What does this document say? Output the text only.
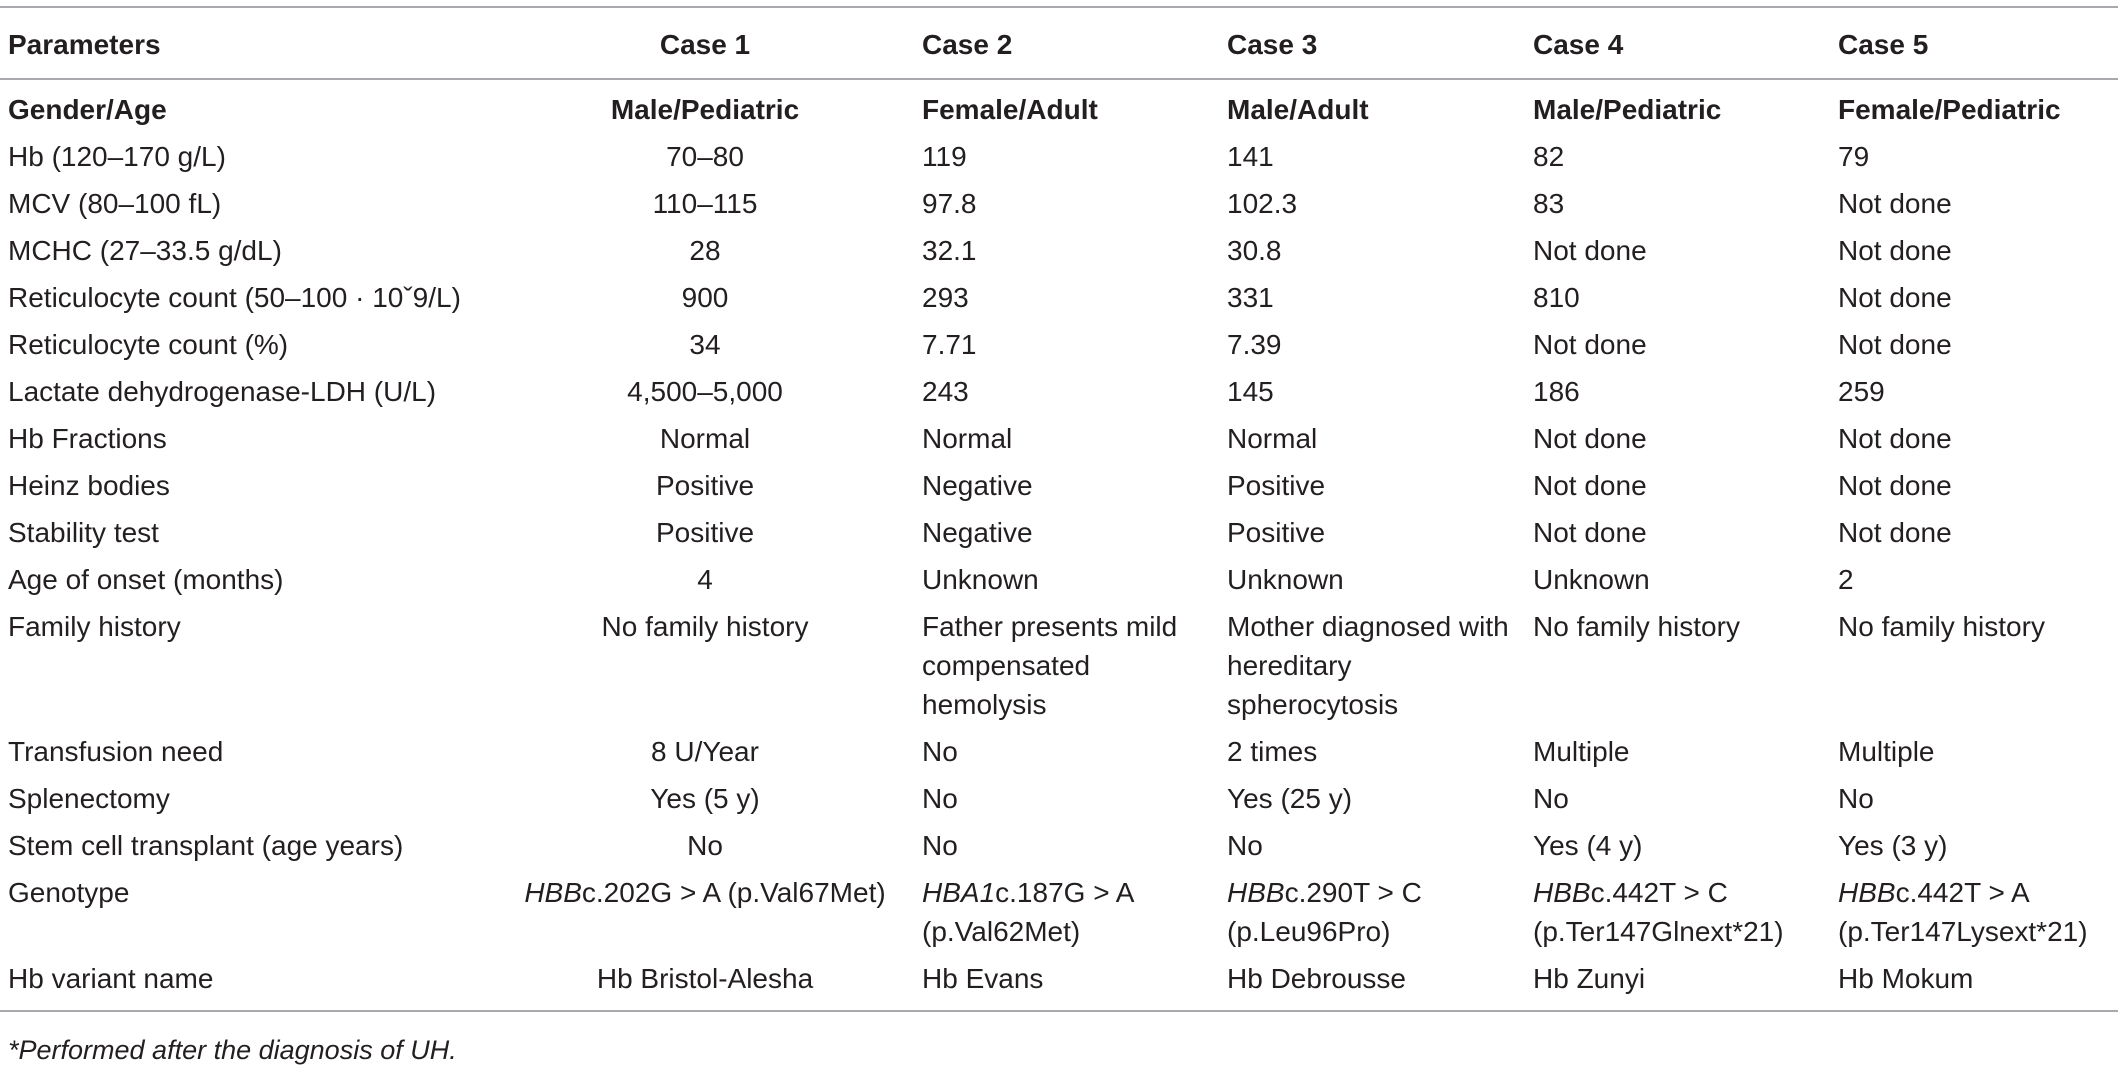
Parameters	Case 1	Case 2	Case 3	Case 4	Case 5
Gender/Age	Male/Pediatric	Female/Adult	Male/Adult	Male/Pediatric	Female/Pediatric
Hb (120–170 g/L)	70–80	119	141	82	79
MCV (80–100 fL)	110–115	97.8	102.3	83	Not done
MCHC (27–33.5 g/dL)	28	32.1	30.8	Not done	Not done
Reticulocyte count (50–100 · 10ˇ9/L)	900	293	331	810	Not done
Reticulocyte count (%)	34	7.71	7.39	Not done	Not done
Lactate dehydrogenase-LDH (U/L)	4,500–5,000	243	145	186	259
Hb Fractions	Normal	Normal	Normal	Not done	Not done
Heinz bodies	Positive	Negative	Positive	Not done	Not done
Stability test	Positive	Negative	Positive	Not done	Not done
Age of onset (months)	4	Unknown	Unknown	Unknown	2
Family history	No family history	Father presents mild compensated hemolysis	Mother diagnosed with hereditary spherocytosis	No family history	No family history
Transfusion need	8 U/Year	No	2 times	Multiple	Multiple
Splenectomy	Yes (5 y)	No	Yes (25 y)	No	No
Stem cell transplant (age years)	No	No	No	Yes (4 y)	Yes (3 y)
Genotype	HBBc.202G > A (p.Val67Met)	HBA1c.187G > A (p.Val62Met)	HBBc.290T > C (p.Leu96Pro)	HBBc.442T > C (p.Ter147Glnext*21)	HBBc.442T > A (p.Ter147Lysext*21)
Hb variant name	Hb Bristol-Alesha	Hb Evans	Hb Debrousse	Hb Zunyi	Hb Mokum
*Performed after the diagnosis of UH.
